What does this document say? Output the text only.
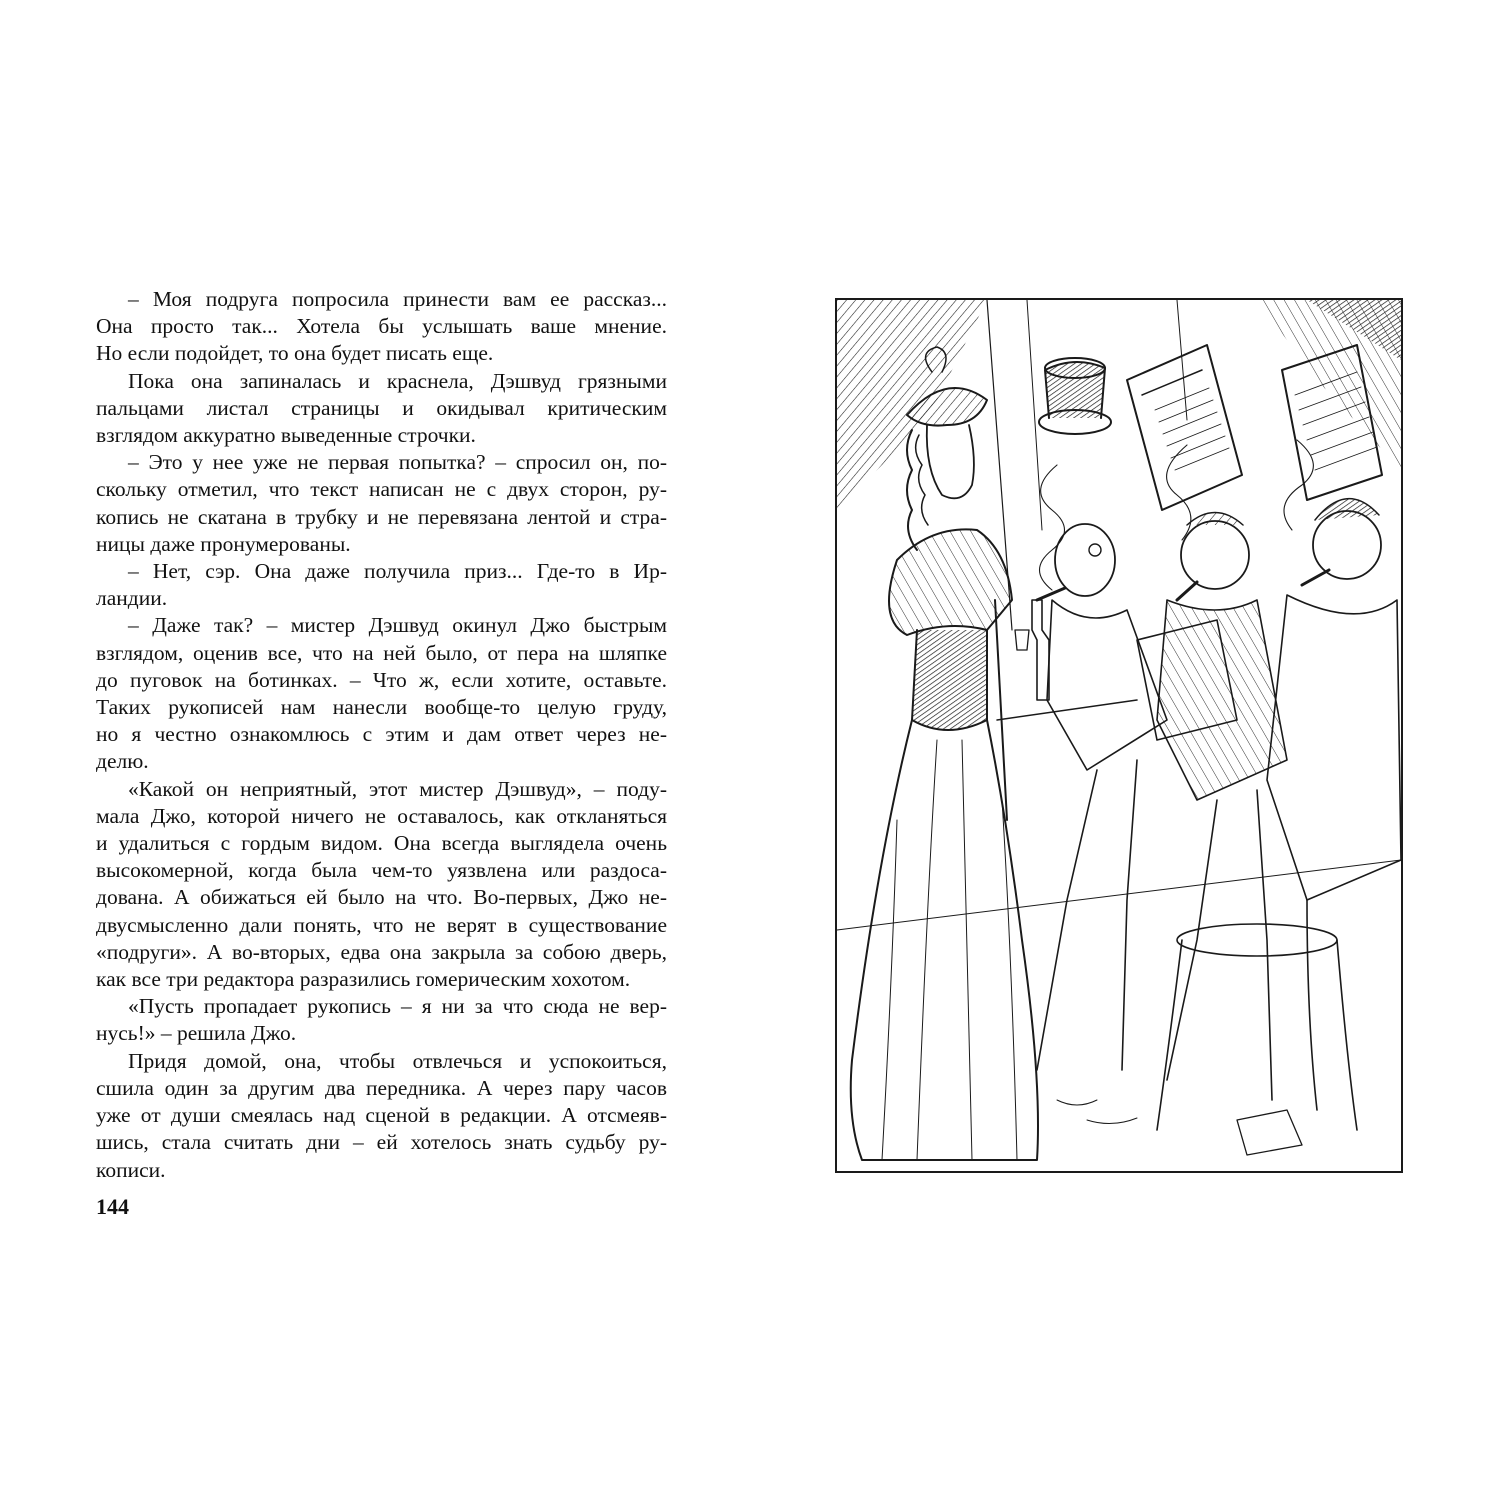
– Моя подруга попросила принести вам ее рассказ...
Она просто так... Хотела бы услышать ваше мнение.
Но если подойдет, то она будет писать еще.
Пока она запиналась и краснела, Дэшвуд грязными
пальцами листал страницы и окидывал критическим
взглядом аккуратно выведенные строчки.
– Это у нее уже не первая попытка? – спросил он, по-
скольку отметил, что текст написан не с двух сторон, ру-
копись не скатана в трубку и не перевязана лентой и стра-
ницы даже пронумерованы.
– Нет, сэр. Она даже получила приз... Где-то в Ир-
ландии.
– Даже так? – мистер Дэшвуд окинул Джо быстрым
взглядом, оценив все, что на ней было, от пера на шляпке
до пуговок на ботинках. – Что ж, если хотите, оставьте.
Таких рукописей нам нанесли вообще-то целую груду,
но я честно ознакомлюсь с этим и дам ответ через не-
делю.
«Какой он неприятный, этот мистер Дэшвуд», – поду-
мала Джо, которой ничего не оставалось, как откланяться
и удалиться с гордым видом. Она всегда выглядела очень
высокомерной, когда была чем-то уязвлена или раздоса-
дована. А обижаться ей было на что. Во-первых, Джо не-
двусмысленно дали понять, что не верят в существование
«подруги». А во-вторых, едва она закрыла за собою дверь,
как все три редактора разразились гомерическим хохотом.
«Пусть пропадает рукопись – я ни за что сюда не вер-
нусь!» – решила Джо.
Придя домой, она, чтобы отвлечься и успокоиться,
сшила один за другим два передника. А через пару часов
уже от души смеялась над сценой в редакции. А отсмеяв-
шись, стала считать дни – ей хотелось знать судьбу ру-
кописи.
144
